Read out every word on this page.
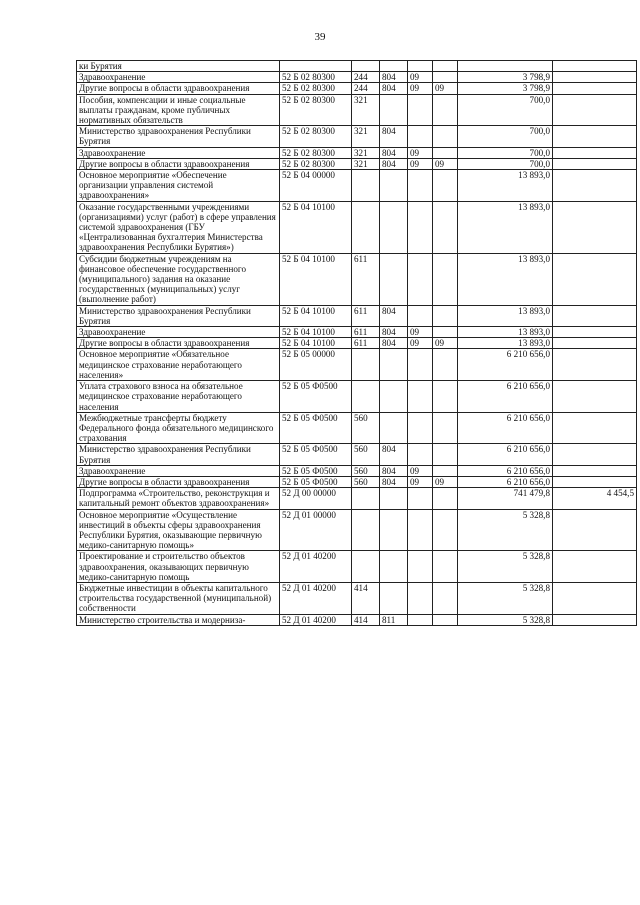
39
ки Бурятия							
Здравоохранение	52 Б 02 80300	244	804	09		3 798,9	
Другие вопросы в области здравоохранения	52 Б 02 80300	244	804	09	09	3 798,9	
Пособия, компенсации и иные социальные выплаты гражданам, кроме публичных нормативных обязательств	52 Б 02 80300	321				700,0	
Министерство здравоохранения Республики Бурятия	52 Б 02 80300	321	804			700,0	
Здравоохранение	52 Б 02 80300	321	804	09		700,0	
Другие вопросы в области здравоохранения	52 Б 02 80300	321	804	09	09	700,0	
Основное мероприятие «Обеспечение организации управления системой здравоохранения»	52 Б 04 00000					13 893,0	
Оказание государственными учреждениями (организациями) услуг (работ) в сфере управления системой здравоохранения (ГБУ «Централизованная бухгалтерия Министерства здравоохранения Республики Бурятия»)	52 Б 04 10100					13 893,0	
Субсидии бюджетным учреждениям на финансовое обеспечение государственного (муниципального) задания на оказание государственных (муниципальных) услуг (выполнение работ)	52 Б 04 10100	611				13 893,0	
Министерство здравоохранения Республики Бурятия	52 Б 04 10100	611	804			13 893,0	
Здравоохранение	52 Б 04 10100	611	804	09		13 893,0	
Другие вопросы в области здравоохранения	52 Б 04 10100	611	804	09	09	13 893,0	
Основное мероприятие «Обязательное медицинское страхование неработающего населения»	52 Б 05 00000					6 210 656,0	
Уплата страхового взноса на обязательное медицинское страхование неработающего населения	52 Б 05 Ф0500					6 210 656,0	
Межбюджетные трансферты бюджету Федерального фонда обязательного медицинского страхования	52 Б 05 Ф0500	560				6 210 656,0	
Министерство здравоохранения Республики Бурятия	52 Б 05 Ф0500	560	804			6 210 656,0	
Здравоохранение	52 Б 05 Ф0500	560	804	09		6 210 656,0	
Другие вопросы в области здравоохранения	52 Б 05 Ф0500	560	804	09	09	6 210 656,0	
Подпрограмма «Строительство, реконструкция и капитальный ремонт объектов здравоохранения»	52 Д 00 00000					741 479,8	4 454,5
Основное мероприятие «Осуществление инвестиций в объекты сферы здравоохранения Республики Бурятия, оказывающие первичную медико-санитарную помощь»	52 Д 01 00000					5 328,8	
Проектирование и строительство объектов здравоохранения, оказывающих первичную медико-санитарную помощь	52 Д 01 40200					5 328,8	
Бюджетные инвестиции в объекты капитального строительства государственной (муниципальной) собственности	52 Д 01 40200	414				5 328,8	
Министерство строительства и модерниза-	52 Д 01 40200	414	811			5 328,8	
